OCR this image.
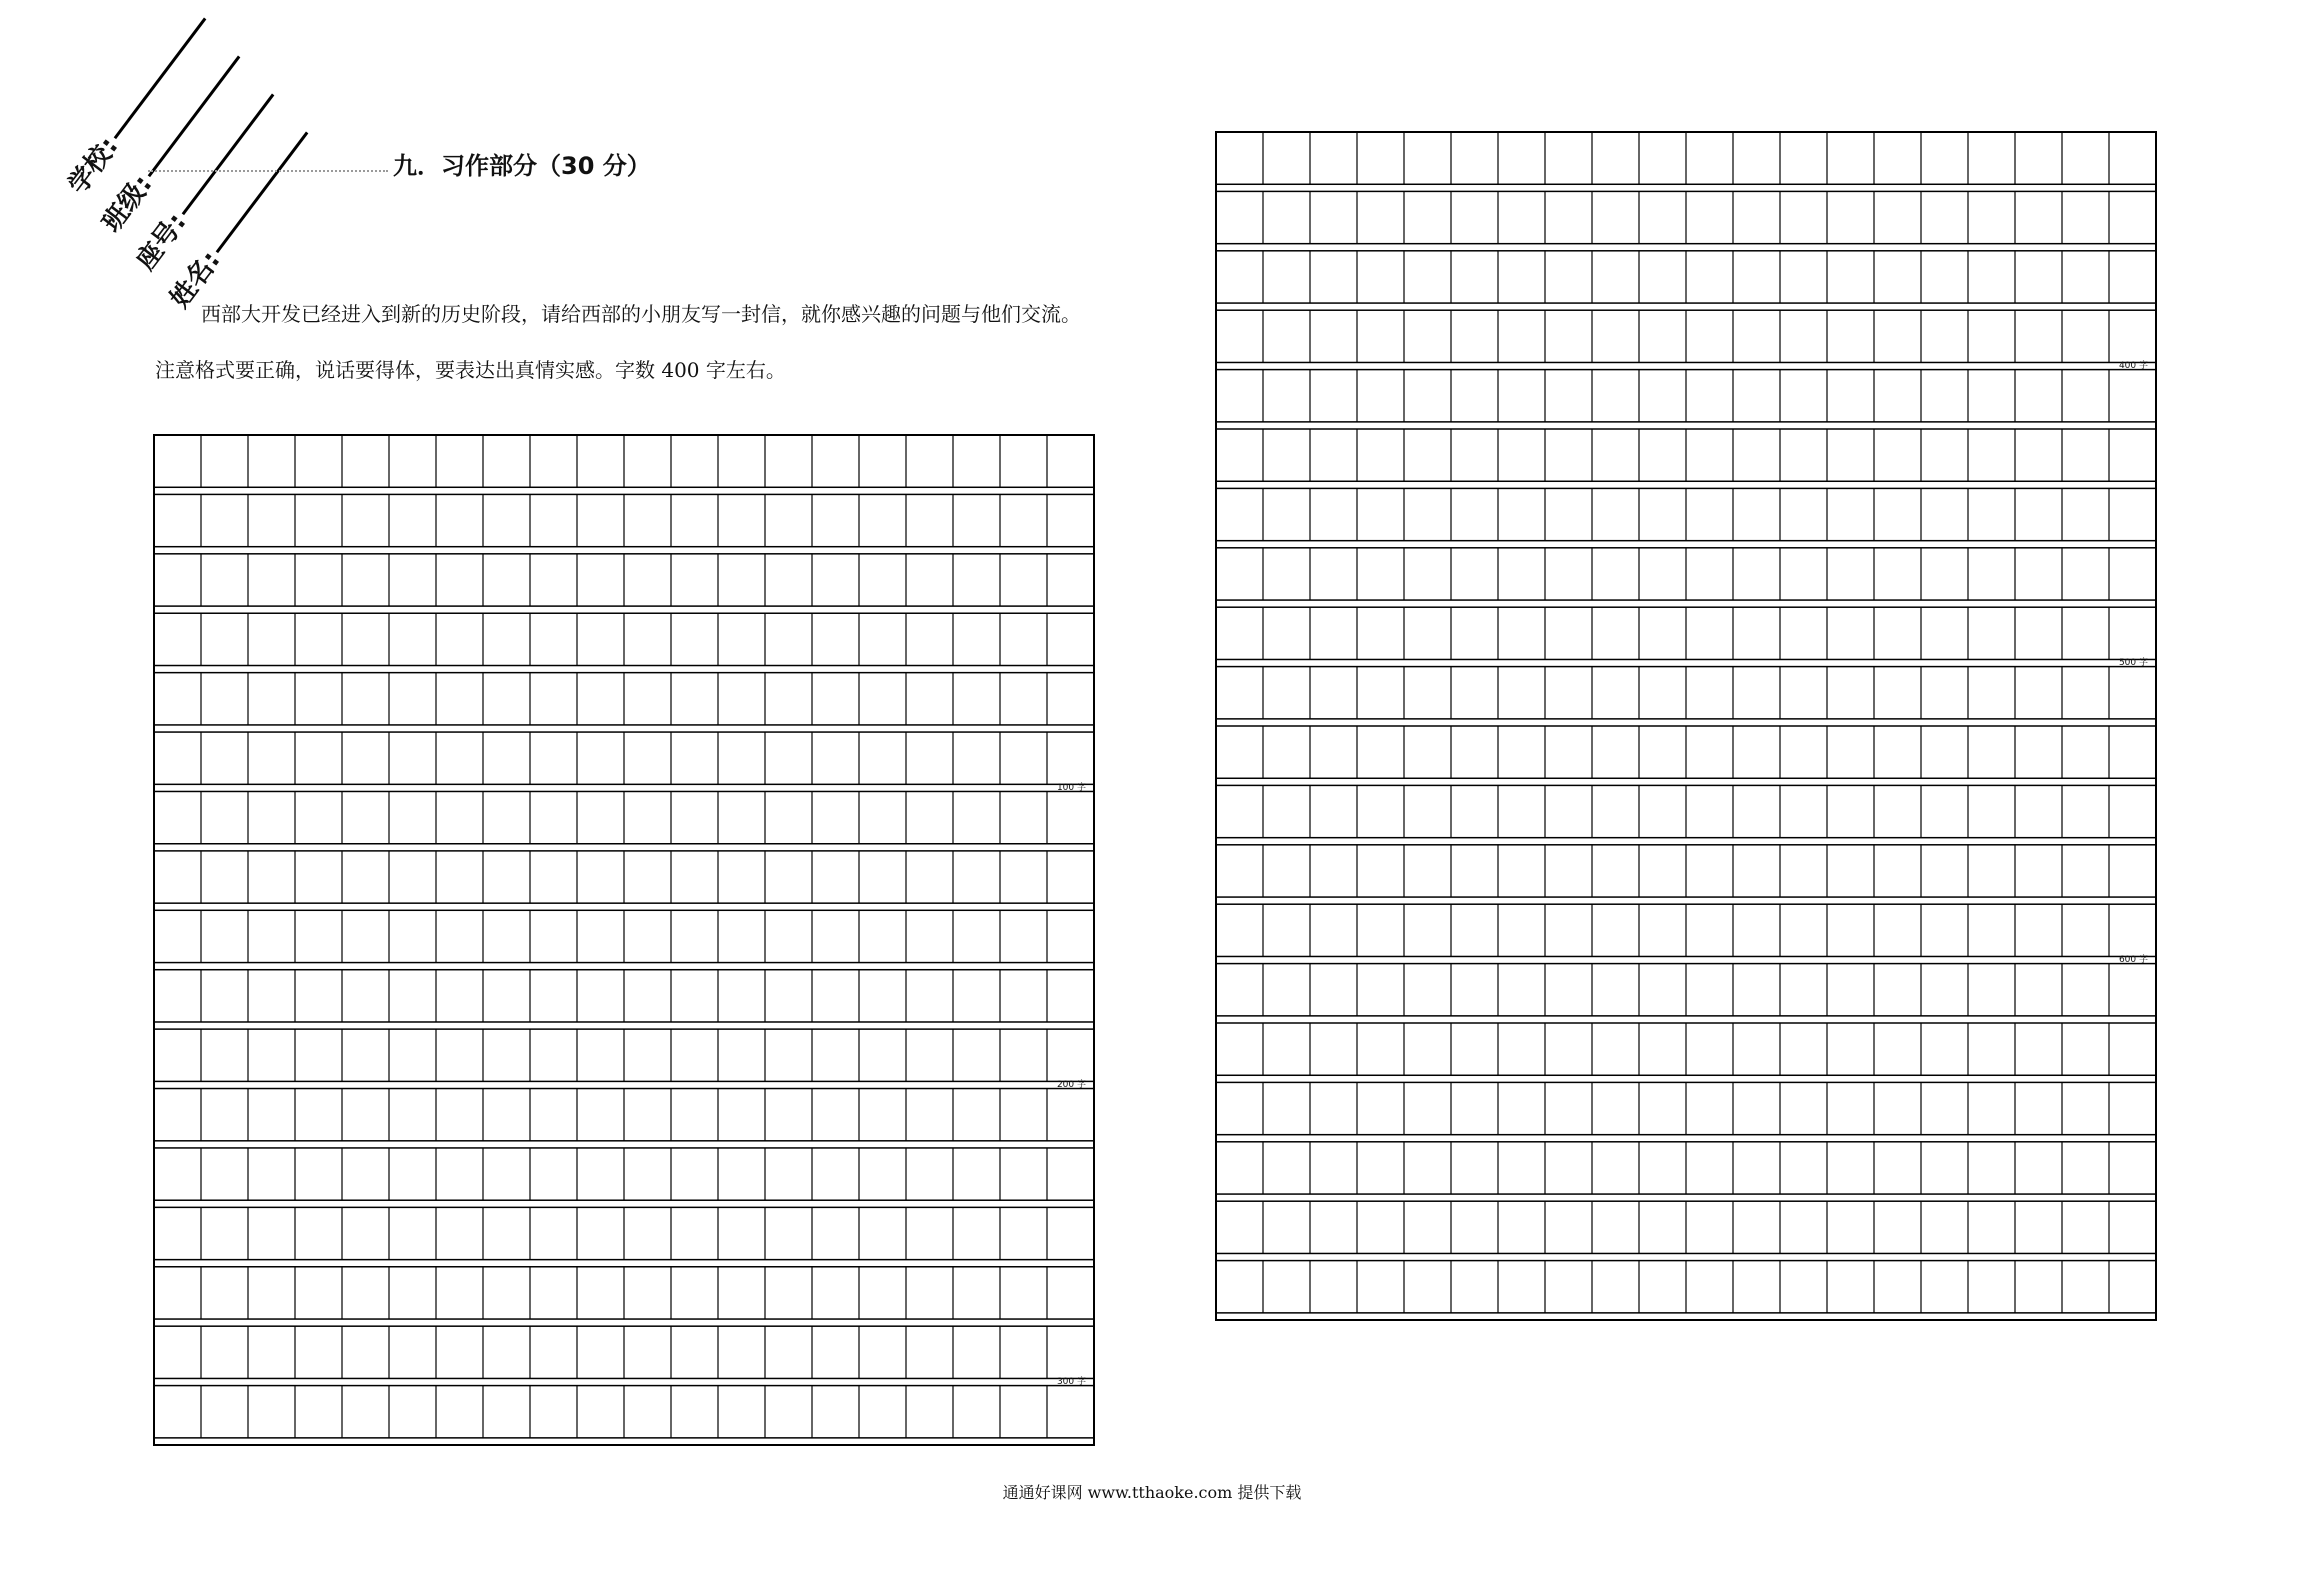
学校:
班级:
座号:
姓名:
九．习作部分（30 分）
西部大开发已经进入到新的历史阶段，请给西部的小朋友写一封信，就你感兴趣的问题与他们交流。注意格式要正确，说话要得体，要表达出真情实感。字数 400 字左右。
100 字
200 字
300 字
400 字
500 字
600 字
通通好课网 www.tthaoke.com 提供下载
